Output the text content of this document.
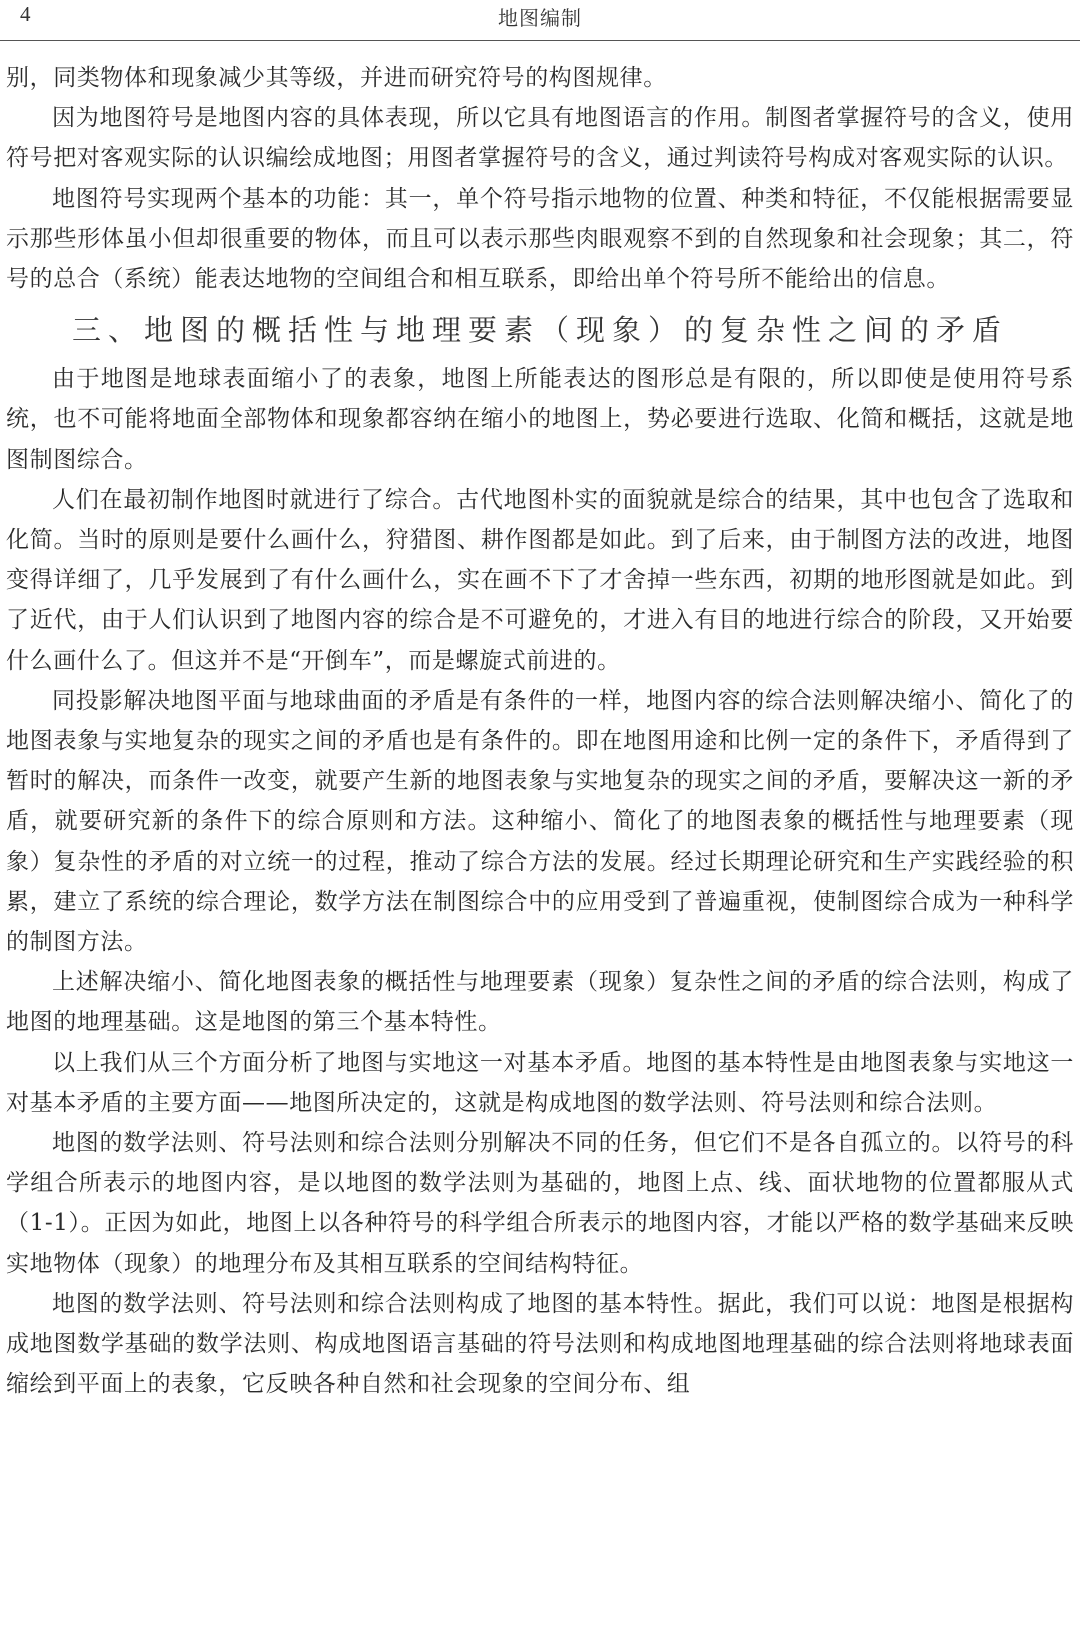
4	地图编制

别，同类物体和现象减少其等级，并进而研究符号的构图规律。

因为地图符号是地图内容的具体表现，所以它具有地图语言的作用。制图者掌握符号的含义，使用符号把对客观实际的认识编绘成地图；用图者掌握符号的含义，通过判读符号构成对客观实际的认识。

地图符号实现两个基本的功能：其一，单个符号指示地物的位置、种类和特征，不仅能根据需要显示那些形体虽小但却很重要的物体，而且可以表示那些肉眼观察不到的自然现象和社会现象；其二，符号的总合（系统）能表达地物的空间组合和相互联系，即给出单个符号所不能给出的信息。

三、地图的概括性与地理要素（现象）的复杂性之间的矛盾

由于地图是地球表面缩小了的表象，地图上所能表达的图形总是有限的，所以即使是使用符号系统，也不可能将地面全部物体和现象都容纳在缩小的地图上，势必要进行选取、化简和概括，这就是地图制图综合。

人们在最初制作地图时就进行了综合。古代地图朴实的面貌就是综合的结果，其中也包含了选取和化简。当时的原则是要什么画什么，狩猎图、耕作图都是如此。到了后来，由于制图方法的改进，地图变得详细了，几乎发展到了有什么画什么，实在画不下了才舍掉一些东西，初期的地形图就是如此。到了近代，由于人们认识到了地图内容的综合是不可避免的，才进入有目的地进行综合的阶段，又开始要什么画什么了。但这并不是“开倒车”，而是螺旋式前进的。

同投影解决地图平面与地球曲面的矛盾是有条件的一样，地图内容的综合法则解决缩小、简化了的地图表象与实地复杂的现实之间的矛盾也是有条件的。即在地图用途和比例一定的条件下，矛盾得到了暂时的解决，而条件一改变，就要产生新的地图表象与实地复杂的现实之间的矛盾，要解决这一新的矛盾，就要研究新的条件下的综合原则和方法。这种缩小、简化了的地图表象的概括性与地理要素（现象）复杂性的矛盾的对立统一的过程，推动了综合方法的发展。经过长期理论研究和生产实践经验的积累，建立了系统的综合理论，数学方法在制图综合中的应用受到了普遍重视，使制图综合成为一种科学的制图方法。

上述解决缩小、简化地图表象的概括性与地理要素（现象）复杂性之间的矛盾的综合法则，构成了地图的地理基础。这是地图的第三个基本特性。

以上我们从三个方面分析了地图与实地这一对基本矛盾。地图的基本特性是由地图表象与实地这一对基本矛盾的主要方面——地图所决定的，这就是构成地图的数学法则、符号法则和综合法则。

地图的数学法则、符号法则和综合法则分别解决不同的任务，但它们不是各自孤立的。以符号的科学组合所表示的地图内容，是以地图的数学法则为基础的，地图上点、线、面状地物的位置都服从式（1-1）。正因为如此，地图上以各种符号的科学组合所表示的地图内容，才能以严格的数学基础来反映实地物体（现象）的地理分布及其相互联系的空间结构特征。

地图的数学法则、符号法则和综合法则构成了地图的基本特性。据此，我们可以说：地图是根据构成地图数学基础的数学法则、构成地图语言基础的符号法则和构成地图地理基础的综合法则将地球表面缩绘到平面上的表象，它反映各种自然和社会现象的空间分布、组
